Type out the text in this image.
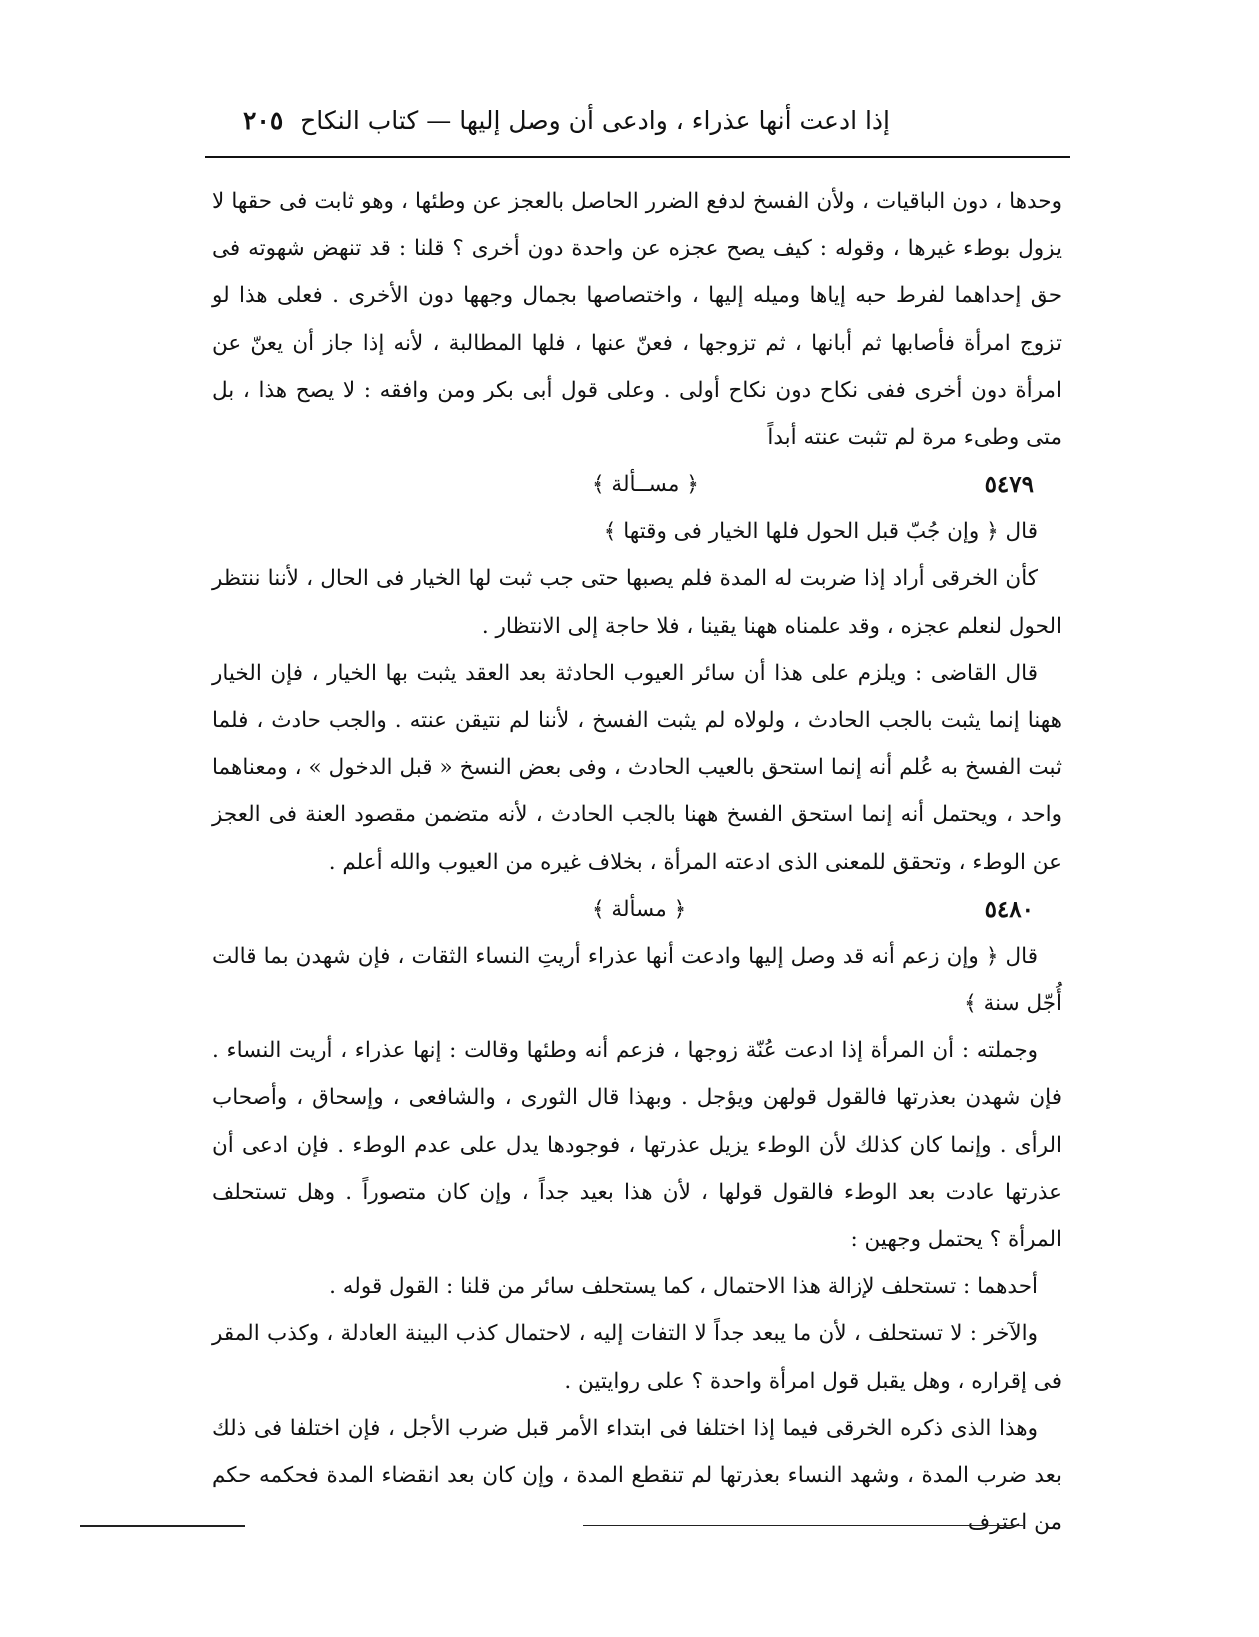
إذا ادعت أنها عذراء ، وادعى أن وصل إليها — كتاب النكاح
٢٠٥

وحدها ، دون الباقيات ، ولأن الفسخ لدفع الضرر الحاصل بالعجز عن وطئها ، وهو ثابت فى حقها لا يزول بوطء غيرها ، وقوله : كيف يصح عجزه عن واحدة دون أخرى ؟ قلنا : قد تنهض شهوته فى حق إحداهما لفرط حبه إياها وميله إليها ، واختصاصها بجمال وجهها دون الأخرى . فعلى هذا لو تزوج امرأة فأصابها ثم أبانها ، ثم تزوجها ، فعنّ عنها ، فلها المطالبة ، لأنه إذا جاز أن يعنّ عن امرأة دون أخرى ففى نكاح دون نكاح أولى . وعلى قول أبى بكر ومن وافقه : لا يصح هذا ، بل متى وطىء مرة لم تثبت عنته أبداً

٥٤٧٩
﴿ مســألة ﴾

قال ﴿ وإن جُبّ قبل الحول فلها الخيار فى وقتها ﴾

كأن الخرقى أراد إذا ضربت له المدة فلم يصبها حتى جب ثبت لها الخيار فى الحال ، لأننا ننتظر الحول لنعلم عجزه ، وقد علمناه ههنا يقينا ، فلا حاجة إلى الانتظار .

قال القاضى : ويلزم على هذا أن سائر العيوب الحادثة بعد العقد يثبت بها الخيار ، فإن الخيار ههنا إنما يثبت بالجب الحادث ، ولولاه لم يثبت الفسخ ، لأننا لم نتيقن عنته . والجب حادث ، فلما ثبت الفسخ به عُلم أنه إنما استحق بالعيب الحادث ، وفى بعض النسخ « قبل الدخول » ، ومعناهما واحد ، ويحتمل أنه إنما استحق الفسخ ههنا بالجب الحادث ، لأنه متضمن مقصود العنة فى العجز عن الوطء ، وتحقق للمعنى الذى ادعته المرأة ، بخلاف غيره من العيوب والله أعلم .

٥٤٨٠
﴿ مسألة ﴾

قال ﴿ وإن زعم أنه قد وصل إليها وادعت أنها عذراء أريتِ النساء الثقات ، فإن شهدن بما قالت أُجّل سنة ﴾

وجملته : أن المرأة إذا ادعت عُنّة زوجها ، فزعم أنه وطئها وقالت : إنها عذراء ، أريت النساء . فإن شهدن بعذرتها فالقول قولهن ويؤجل . وبهذا قال الثورى ، والشافعى ، وإسحاق ، وأصحاب الرأى . وإنما كان كذلك لأن الوطء يزيل عذرتها ، فوجودها يدل على عدم الوطء . فإن ادعى أن عذرتها عادت بعد الوطء فالقول قولها ، لأن هذا بعيد جداً ، وإن كان متصوراً . وهل تستحلف المرأة ؟ يحتمل وجهين :

أحدهما : تستحلف لإزالة هذا الاحتمال ، كما يستحلف سائر من قلنا : القول قوله .

والآخر : لا تستحلف ، لأن ما يبعد جداً لا التفات إليه ، لاحتمال كذب البينة العادلة ، وكذب المقر فى إقراره ، وهل يقبل قول امرأة واحدة ؟ على روايتين .

وهذا الذى ذكره الخرقى فيما إذا اختلفا فى ابتداء الأمر قبل ضرب الأجل ، فإن اختلفا فى ذلك بعد ضرب المدة ، وشهد النساء بعذرتها لم تنقطع المدة ، وإن كان بعد انقضاء المدة فحكمه حكم من اعترف
